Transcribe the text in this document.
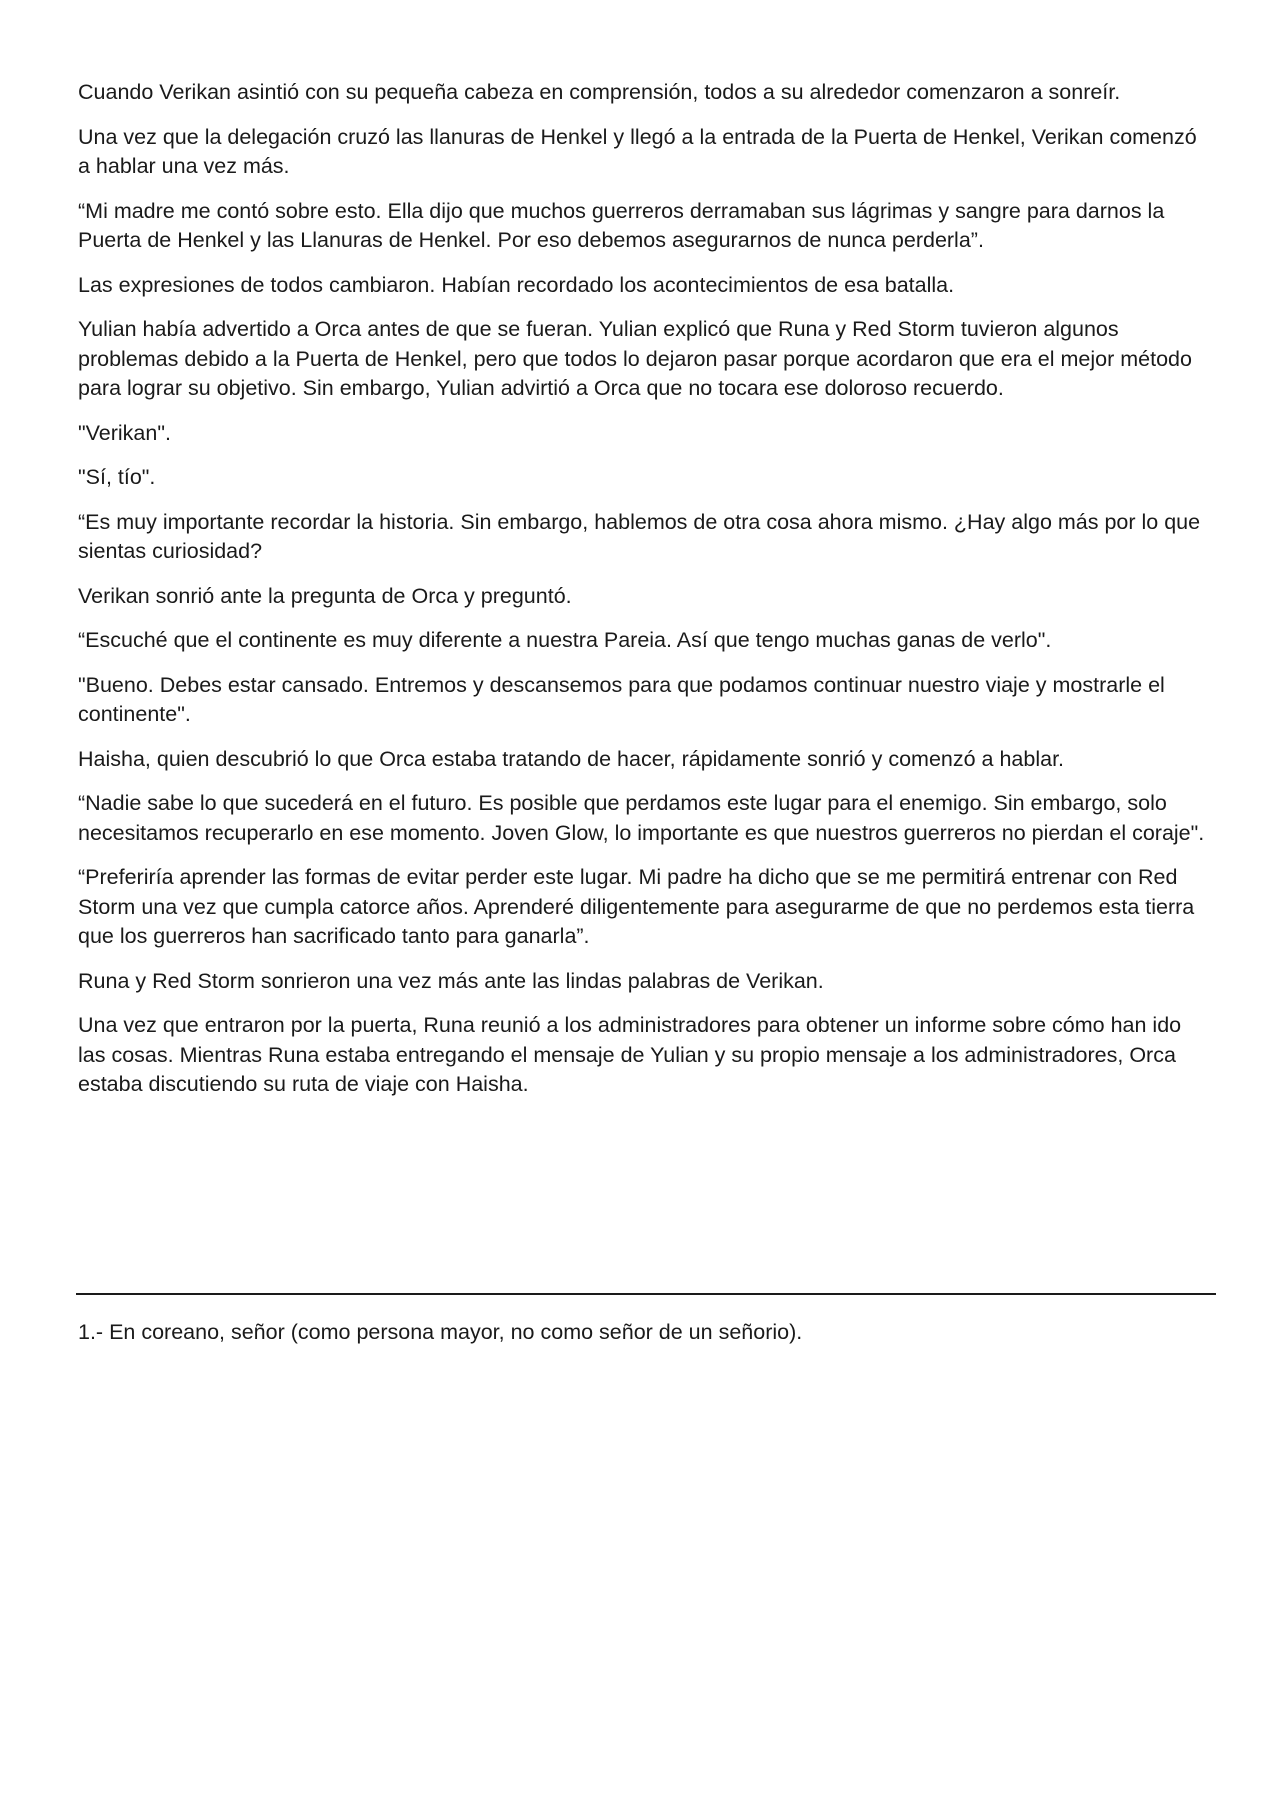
Cuando Verikan asintió con su pequeña cabeza en comprensión, todos a su alrededor comenzaron a sonreír.

Una vez que la delegación cruzó las llanuras de Henkel y llegó a la entrada de la Puerta de Henkel, Verikan comenzó a hablar una vez más.

“Mi madre me contó sobre esto. Ella dijo que muchos guerreros derramaban sus lágrimas y sangre para darnos la Puerta de Henkel y las Llanuras de Henkel. Por eso debemos asegurarnos de nunca perderla”.

Las expresiones de todos cambiaron. Habían recordado los acontecimientos de esa batalla.

Yulian había advertido a Orca antes de que se fueran. Yulian explicó que Runa y Red Storm tuvieron algunos problemas debido a la Puerta de Henkel, pero que todos lo dejaron pasar porque acordaron que era el mejor método para lograr su objetivo. Sin embargo, Yulian advirtió a Orca que no tocara ese doloroso recuerdo.

"Verikan".

"Sí, tío".

“Es muy importante recordar la historia. Sin embargo, hablemos de otra cosa ahora mismo. ¿Hay algo más por lo que sientas curiosidad?

Verikan sonrió ante la pregunta de Orca y preguntó.

“Escuché que el continente es muy diferente a nuestra Pareia. Así que tengo muchas ganas de verlo".

"Bueno. Debes estar cansado. Entremos y descansemos para que podamos continuar nuestro viaje y mostrarle el continente".

Haisha, quien descubrió lo que Orca estaba tratando de hacer, rápidamente sonrió y comenzó a hablar.

“Nadie sabe lo que sucederá en el futuro. Es posible que perdamos este lugar para el enemigo. Sin embargo, solo necesitamos recuperarlo en ese momento. Joven Glow, lo importante es que nuestros guerreros no pierdan el coraje".

“Preferiría aprender las formas de evitar perder este lugar. Mi padre ha dicho que se me permitirá entrenar con Red Storm una vez que cumpla catorce años. Aprenderé diligentemente para asegurarme de que no perdemos esta tierra que los guerreros han sacrificado tanto para ganarla”.

Runa y Red Storm sonrieron una vez más ante las lindas palabras de Verikan.

Una vez que entraron por la puerta, Runa reunió a los administradores para obtener un informe sobre cómo han ido las cosas. Mientras Runa estaba entregando el mensaje de Yulian y su propio mensaje a los administradores, Orca estaba discutiendo su ruta de viaje con Haisha.

1.- En coreano, señor (como persona mayor, no como señor de un señorio).
